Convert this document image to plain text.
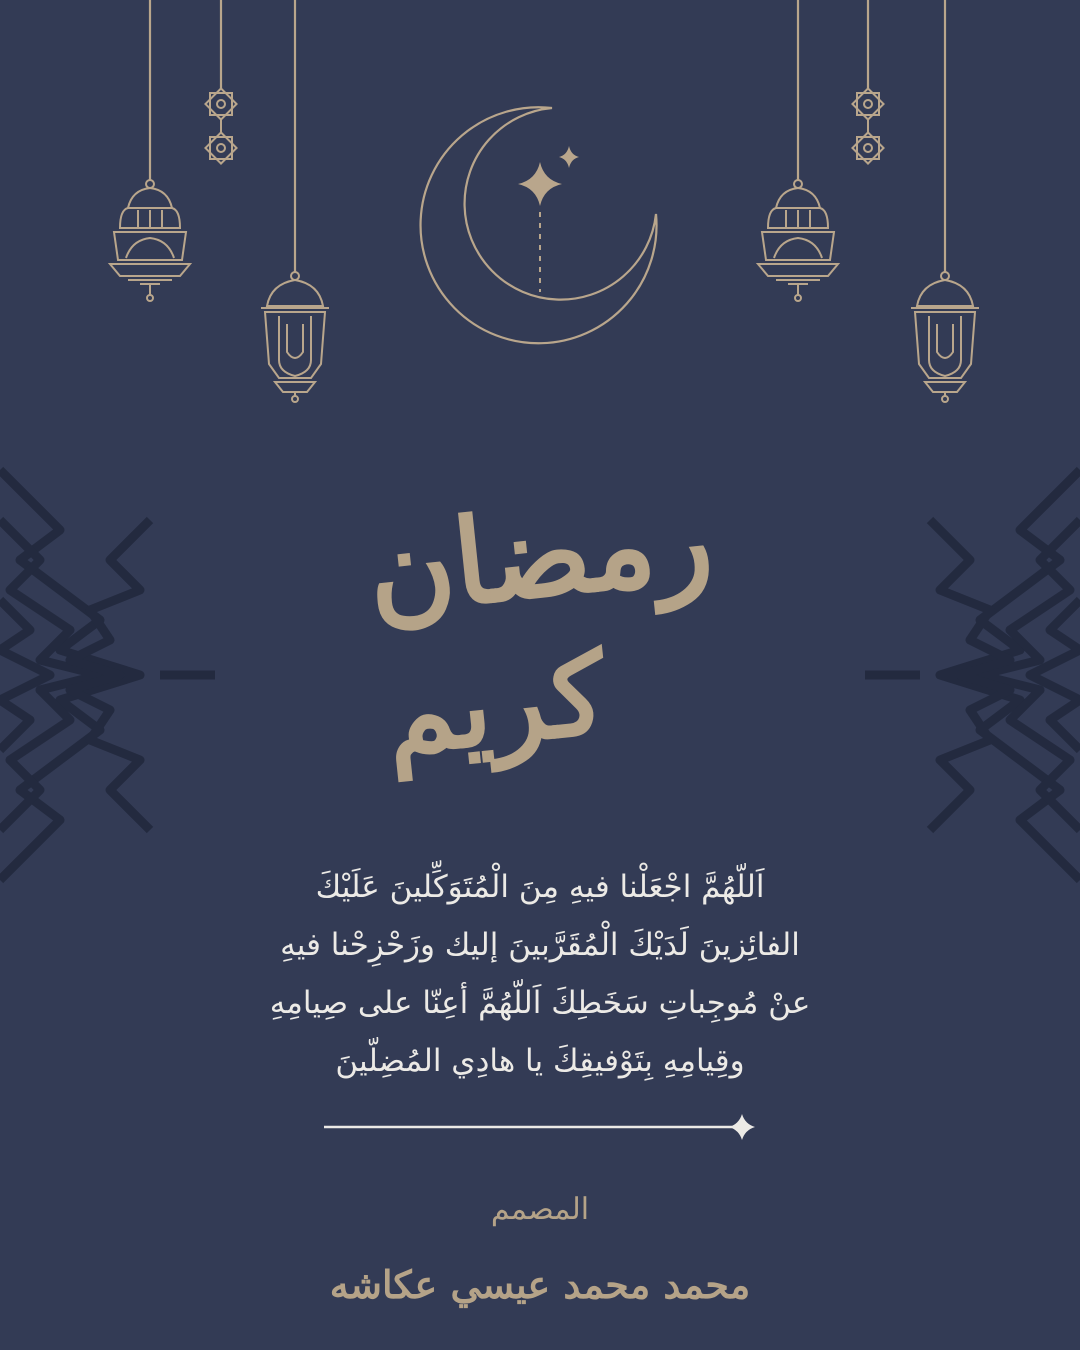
رمضان
كريم
اَللّهُمَّ اجْعَلْنا فيهِ مِنَ الْمُتَوَكِّلينَ عَلَيْكَ
الفائِزينَ لَدَيْكَ الْمُقَرَّبينَ إليك وزَحْزِحْنا فيهِ
عنْ مُوجِباتِ سَخَطِكَ اَللّهُمَّ أعِنّا على صِيامِهِ
وقِيامِهِ بِتَوْفيقِكَ يا هادِي المُضِلّينَ
المصمم
محمد محمد عيسي عكاشه
